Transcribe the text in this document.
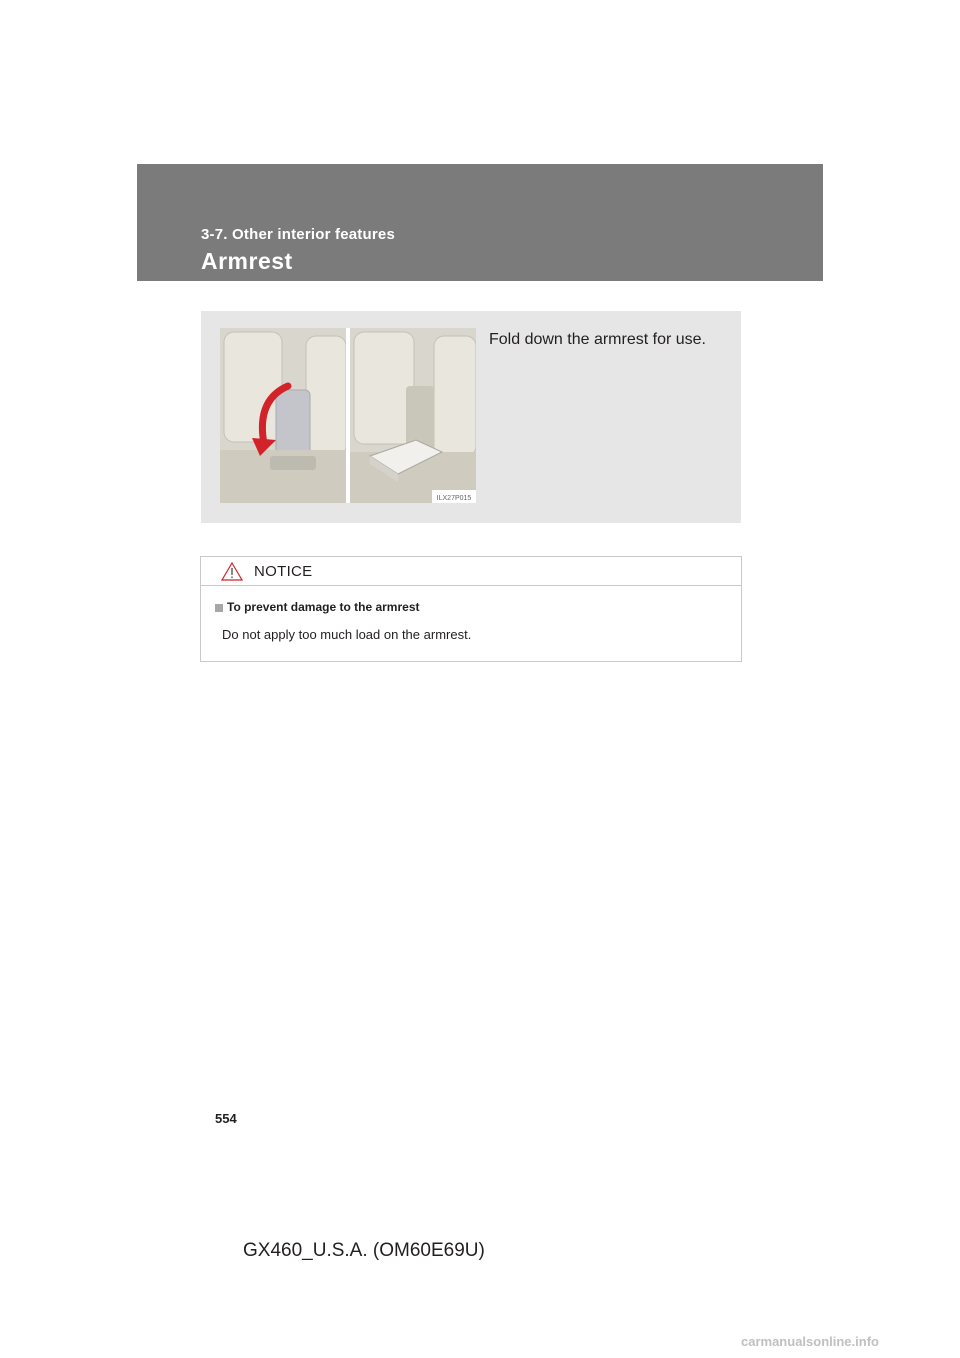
3-7. Other interior features
Armrest
ILX27P015
Fold down the armrest for use.
NOTICE
To prevent damage to the armrest
Do not apply too much load on the armrest.
554
GX460_U.S.A. (OM60E69U)
carmanualsonline.info
